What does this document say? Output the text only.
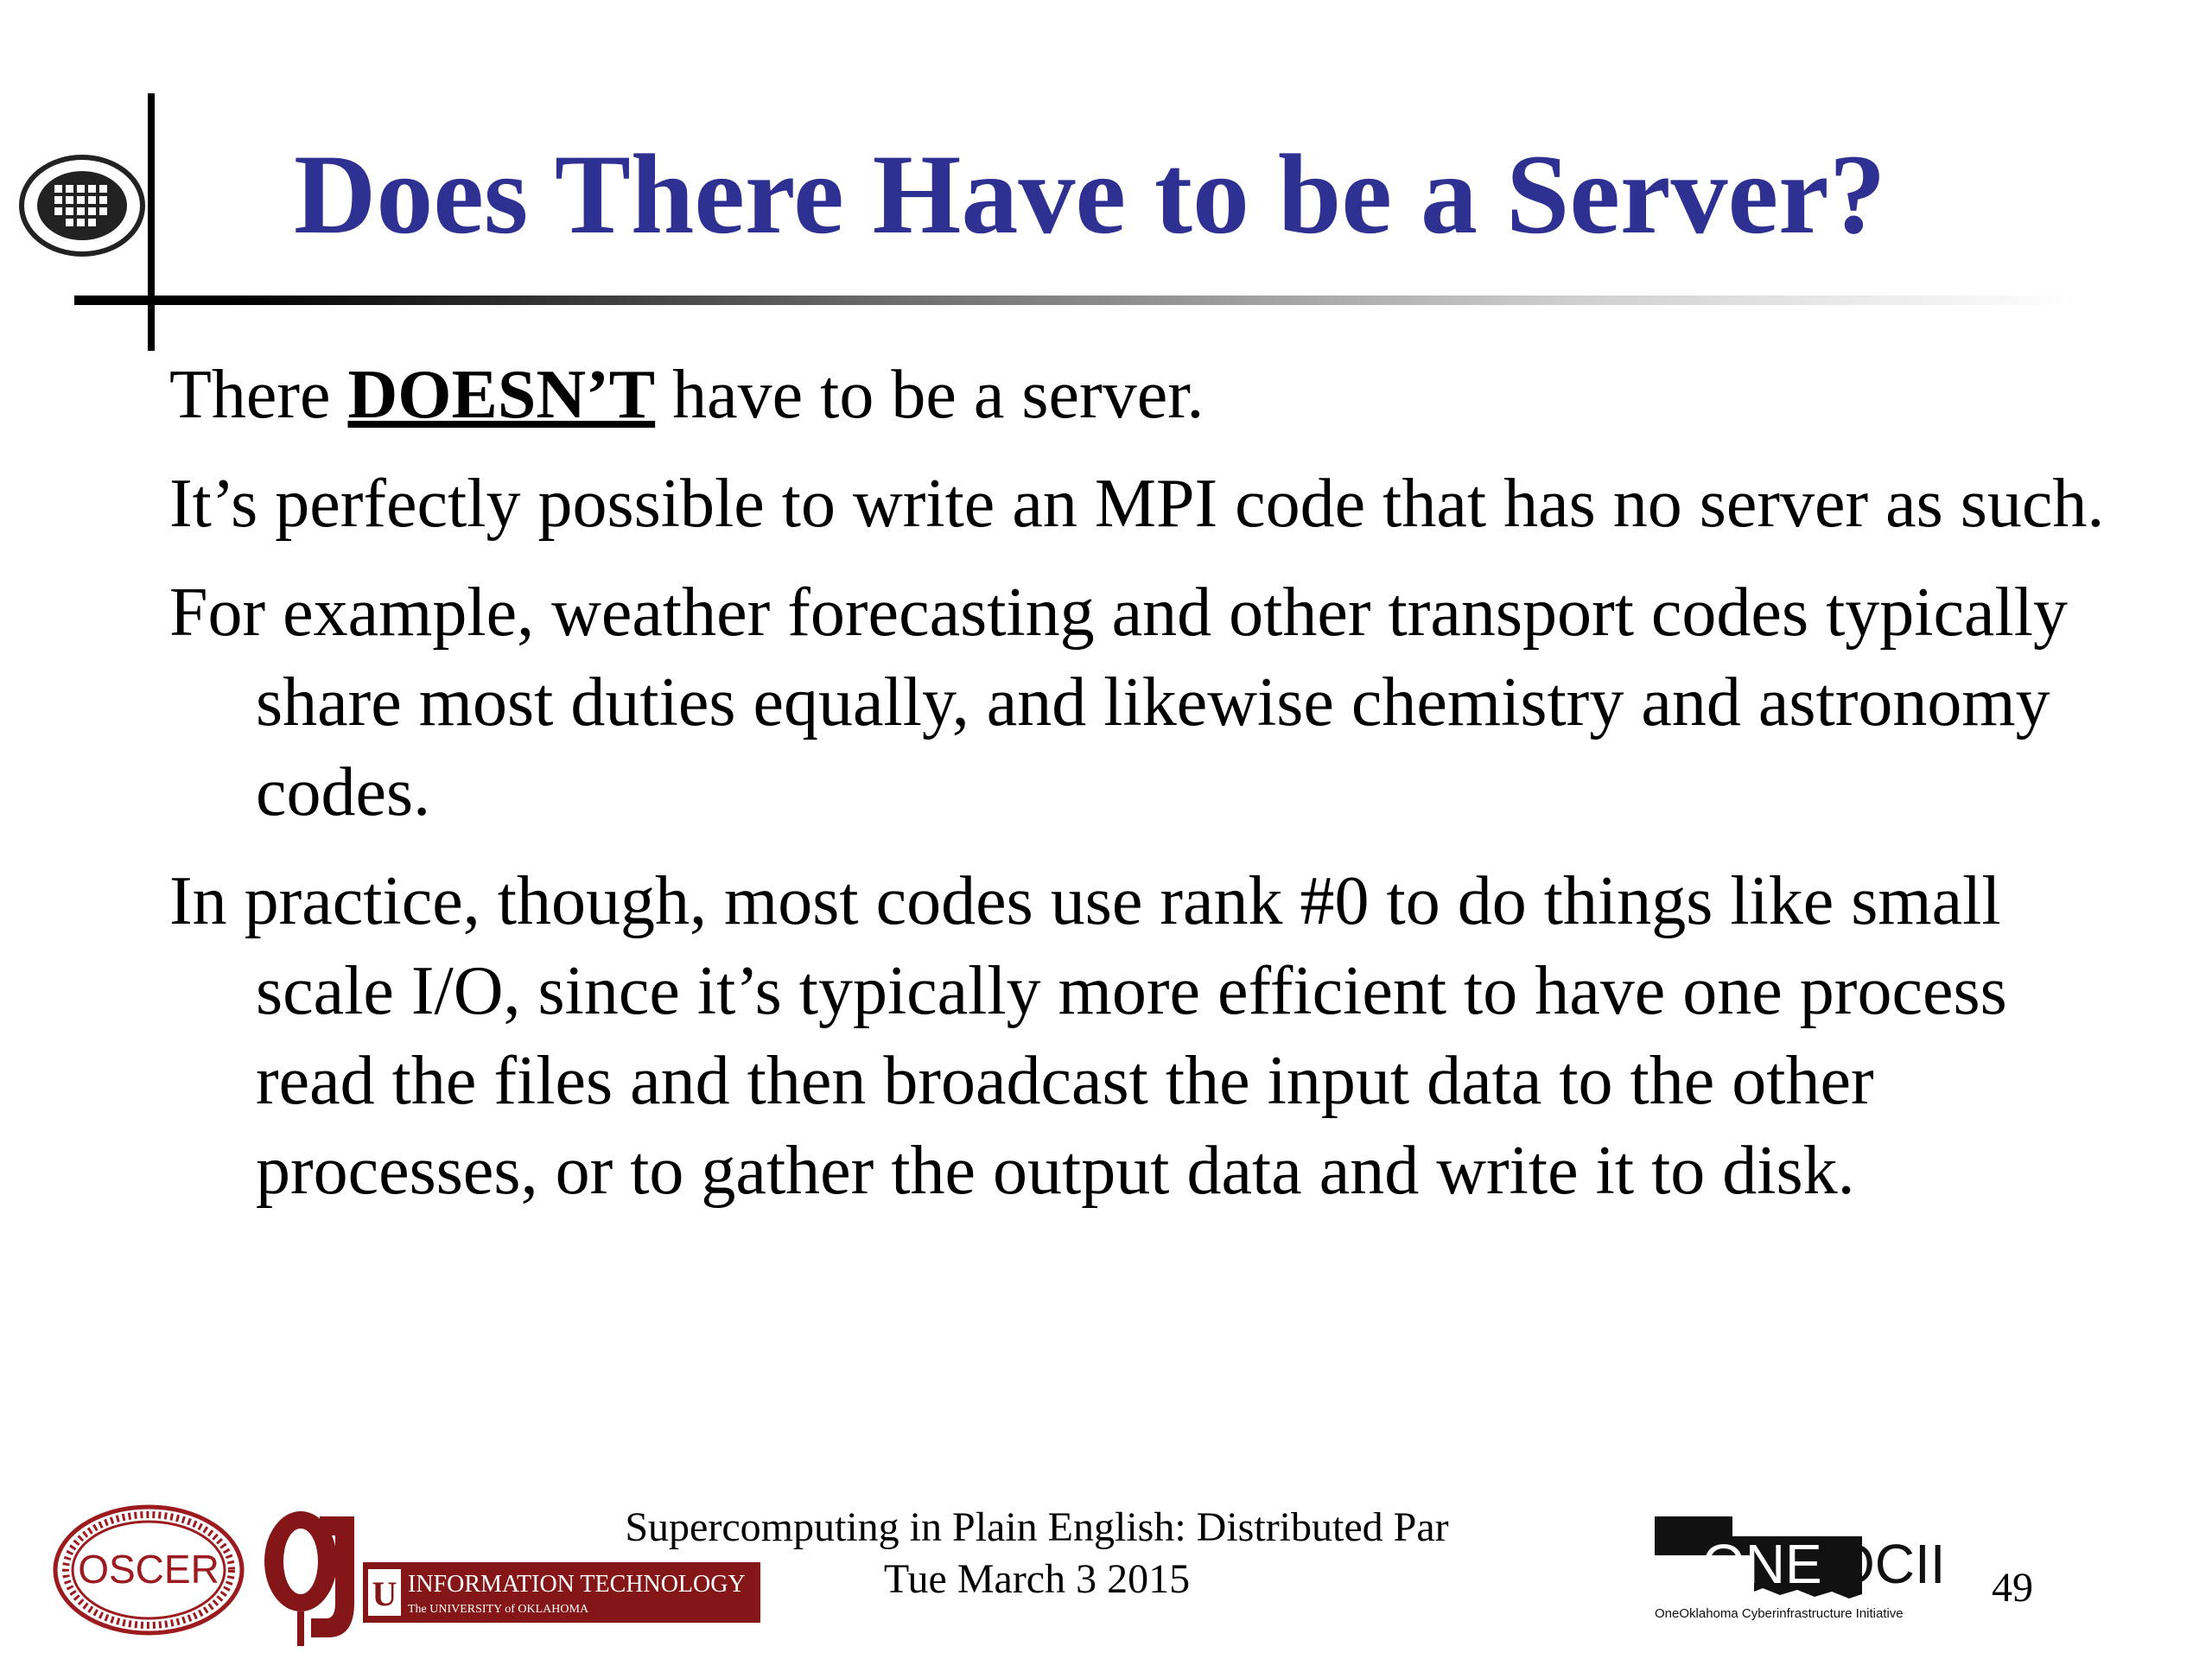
Does There Have to be a Server?

There DOESN’T have to be a server.

It’s perfectly possible to write an MPI code that has no server as such.

For example, weather forecasting and other transport codes typically share most duties equally, and likewise chemistry and astronomy codes.

In practice, though, most codes use rank #0 to do things like small scale I/O, since it’s typically more efficient to have one process read the files and then broadcast the input data to the other processes, or to gather the output data and write it to disk.

OSCER
U INFORMATION TECHNOLOGY
The UNIVERSITY of OKLAHOMA
Supercomputing in Plain English: Distributed Par
Tue March 3 2015	ONE OCII
OneOklahoma Cyberinfrastructure Initiative
49
